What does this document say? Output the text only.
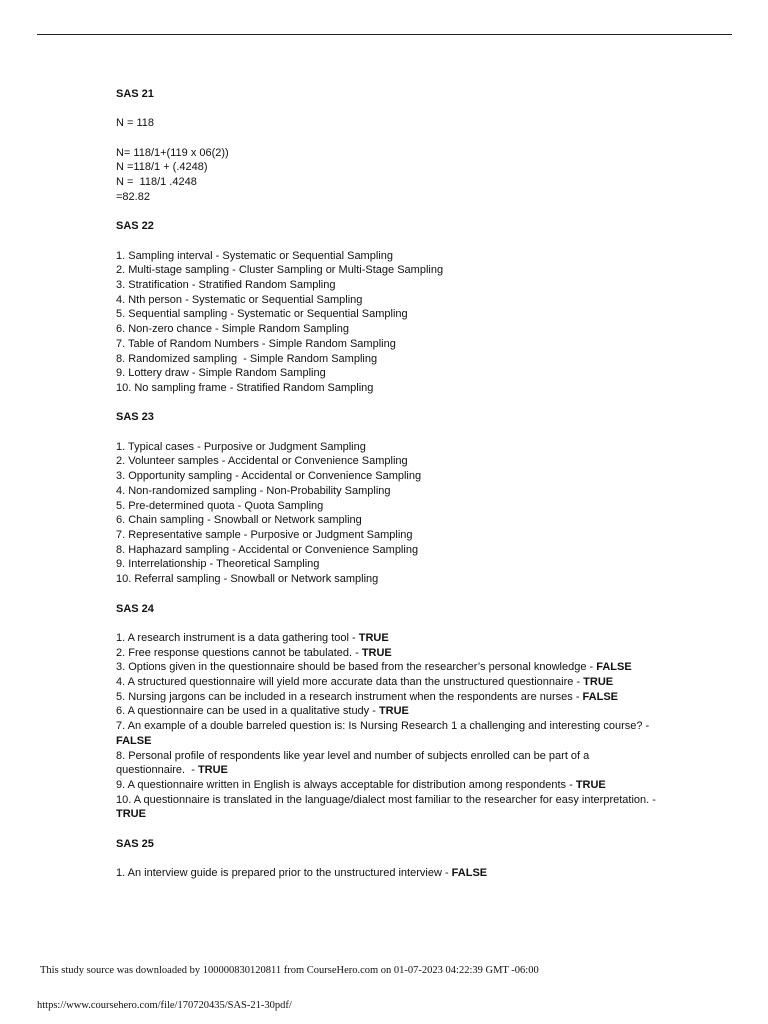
SAS 21

N = 118

N= 118/1+(119 x 06(2))

N =118/1 + (.4248)

N =  118/1 .4248

=82.82

SAS 22

1. Sampling interval - Systematic or Sequential Sampling

2. Multi-stage sampling - Cluster Sampling or Multi-Stage Sampling

3. Stratification - Stratified Random Sampling

4. Nth person - Systematic or Sequential Sampling

5. Sequential sampling - Systematic or Sequential Sampling

6. Non-zero chance - Simple Random Sampling

7. Table of Random Numbers - Simple Random Sampling

8. Randomized sampling  - Simple Random Sampling

9. Lottery draw - Simple Random Sampling

10. No sampling frame - Stratified Random Sampling

SAS 23

1. Typical cases - Purposive or Judgment Sampling

2. Volunteer samples - Accidental or Convenience Sampling

3. Opportunity sampling - Accidental or Convenience Sampling

4. Non-randomized sampling - Non-Probability Sampling

5. Pre-determined quota - Quota Sampling

6. Chain sampling - Snowball or Network sampling

7. Representative sample - Purposive or Judgment Sampling

8. Haphazard sampling - Accidental or Convenience Sampling

9. Interrelationship - Theoretical Sampling

10. Referral sampling - Snowball or Network sampling

SAS 24

1. A research instrument is a data gathering tool - TRUE

2. Free response questions cannot be tabulated. - TRUE

3. Options given in the questionnaire should be based from the researcher’s personal knowledge - FALSE

4. A structured questionnaire will yield more accurate data than the unstructured questionnaire - TRUE

5. Nursing jargons can be included in a research instrument when the respondents are nurses - FALSE

6. A questionnaire can be used in a qualitative study - TRUE

7. An example of a double barreled question is: Is Nursing Research 1 a challenging and interesting course? - FALSE

8. Personal profile of respondents like year level and number of subjects enrolled can be part of a questionnaire.  - TRUE

9. A questionnaire written in English is always acceptable for distribution among respondents - TRUE

10. A questionnaire is translated in the language/dialect most familiar to the researcher for easy interpretation. - TRUE

SAS 25

1. An interview guide is prepared prior to the unstructured interview - FALSE

This study source was downloaded by 100000830120811 from CourseHero.com on 01-07-2023 04:22:39 GMT -06:00
https://www.coursehero.com/file/170720435/SAS-21-30pdf/
